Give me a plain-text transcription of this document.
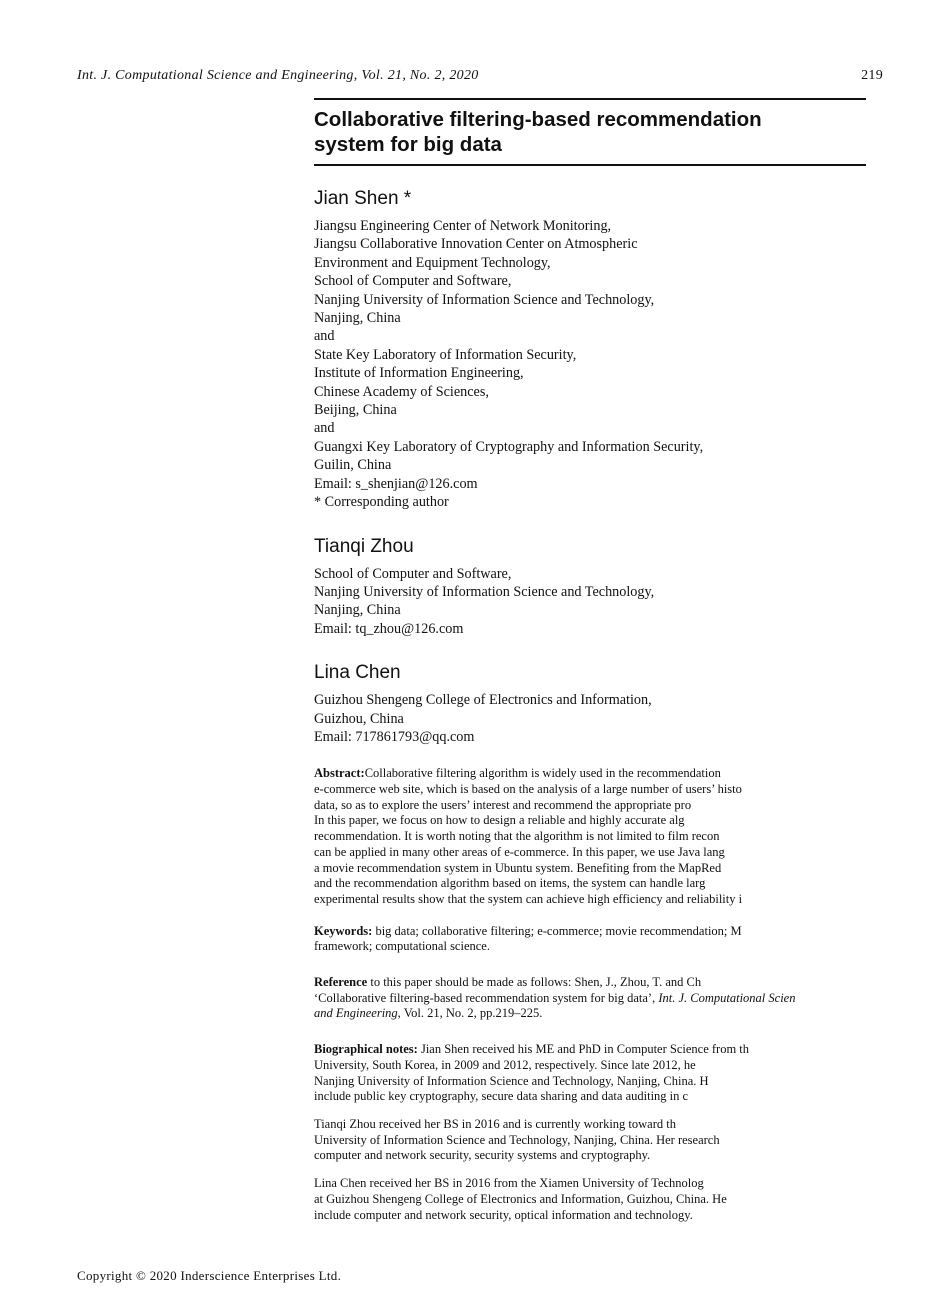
Int. J. Computational Science and Engineering, Vol. 21, No. 2, 2020	219
Collaborative filtering-based recommendation
system for big data
Jian Shen *
Jiangsu Engineering Center of Network Monitoring,
Jiangsu Collaborative Innovation Center on Atmospheric
Environment and Equipment Technology,
School of Computer and Software,
Nanjing University of Information Science and Technology,
Nanjing, China
and
State Key Laboratory of Information Security,
Institute of Information Engineering,
Chinese Academy of Sciences,
Beijing, China
and
Guangxi Key Laboratory of Cryptography and Information Security,
Guilin, China
Email: s_shenjian@126.com
* Corresponding author
Tianqi Zhou
School of Computer and Software,
Nanjing University of Information Science and Technology,
Nanjing, China
Email: tq_zhou@126.com
Lina Chen
Guizhou Shengeng College of Electronics and Information,
Guizhou, China
Email: 717861793@qq.com
Abstract:Collaborative filtering algorithm is widely used in the recommendation
e-commerce web site, which is based on the analysis of a large number of users’ histo
data, so as to explore the users’ interest and recommend the appropriate pro
In this paper, we focus on how to design a reliable and highly accurate alg
recommendation. It is worth noting that the algorithm is not limited to film recon
can be applied in many other areas of e-commerce. In this paper, we use Java lang
a movie recommendation system in Ubuntu system. Benefiting from the MapRed
and the recommendation algorithm based on items, the system can handle larg
experimental results show that the system can achieve high efficiency and reliability i
Keywords: big data; collaborative filtering; e-commerce; movie recommendation; M
framework; computational science.
Reference to this paper should be made as follows: Shen, J., Zhou, T. and Ch
‘Collaborative filtering-based recommendation system for big data’, Int. J. Computational Scien
and Engineering, Vol. 21, No. 2, pp.219–225.
Biographical notes: Jian Shen received his ME and PhD in Computer Science from th
University, South Korea, in 2009 and 2012, respectively. Since late 2012, he
Nanjing University of Information Science and Technology, Nanjing, China. H
include public key cryptography, secure data sharing and data auditing in c
Tianqi Zhou received her BS in 2016 and is currently working toward th
University of Information Science and Technology, Nanjing, China. Her research
computer and network security, security systems and cryptography.
Lina Chen received her BS in 2016 from the Xiamen University of Technolog
at Guizhou Shengeng College of Electronics and Information, Guizhou, China. He
include computer and network security, optical information and technology.
Copyright © 2020 Inderscience Enterprises Ltd.
